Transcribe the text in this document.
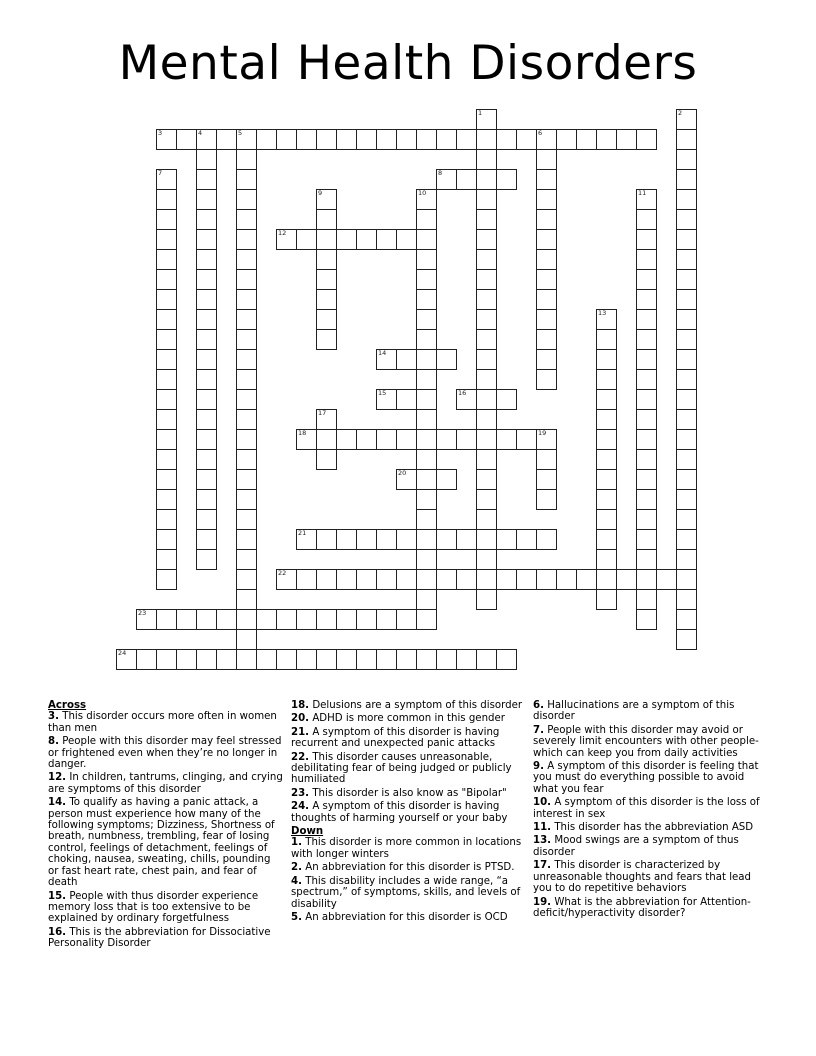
Mental Health Disorders
1	2
3	4	5	6
7	8
9	10	11
12
13
14
15	16
17
18	19
20
21
22
23
24
Across
3. This disorder occurs more often in women than men
8. People with this disorder may feel stressed or frightened even when they’re no longer in danger.
12. In children, tantrums, clinging, and crying are symptoms of this disorder
14. To qualify as having a panic attack, a person must experience how many of the following symptoms; Dizziness, Shortness of breath, numbness, trembling, fear of losing control, feelings of detachment, feelings of choking, nausea, sweating, chills, pounding or fast heart rate, chest pain, and fear of death
15. People with thus disorder experience memory loss that is too extensive to be explained by ordinary forgetfulness
16. This is the abbreviation for Dissociative Personality Disorder
18. Delusions are a symptom of this disorder
20. ADHD is more common in this gender
21. A symptom of this disorder is having recurrent and unexpected panic attacks
22. This disorder causes unreasonable, debilitating fear of being judged or publicly humiliated
23. This disorder is also know as "Bipolar"
24. A symptom of this disorder is having thoughts of harming yourself or your baby
Down
1. This disorder is more common in locations with longer winters
2. An abbreviation for this disorder is PTSD.
4. This disability includes a wide range, “a spectrum,” of symptoms, skills, and levels of disability
5. An abbreviation for this disorder is OCD
6. Hallucinations are a symptom of this disorder
7. People with this disorder may avoid or severely limit encounters with other people-which can keep you from daily activities
9. A symptom of this disorder is feeling that you must do everything possible to avoid what you fear
10. A symptom of this disorder is the loss of interest in sex
11. This disorder has the abbreviation ASD
13. Mood swings are a symptom of thus disorder
17. This disorder is characterized by unreasonable thoughts and fears that lead you to do repetitive behaviors
19. What is the abbreviation for Attention-deficit/hyperactivity disorder?
